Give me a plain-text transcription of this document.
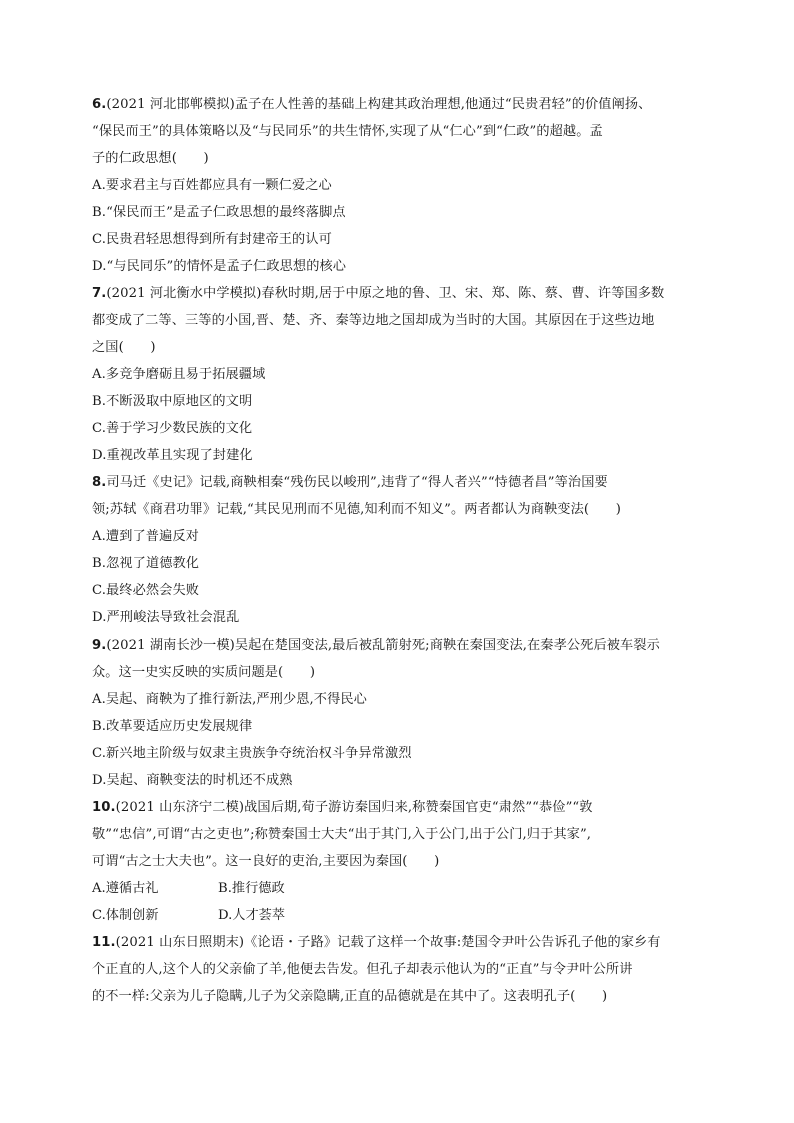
6.(2021 河北邯郸模拟)孟子在人性善的基础上构建其政治理想,他通过“民贵君轻”的价值阐扬、
“保民而王”的具体策略以及“与民同乐”的共生情怀,实现了从“仁心”到“仁政”的超越。孟
子的仁政思想(　　)
A.要求君主与百姓都应具有一颗仁爱之心
B.“保民而王”是孟子仁政思想的最终落脚点
C.民贵君轻思想得到所有封建帝王的认可
D.“与民同乐”的情怀是孟子仁政思想的核心
7.(2021 河北衡水中学模拟)春秋时期,居于中原之地的鲁、卫、宋、郑、陈、蔡、曹、许等国多数
都变成了二等、三等的小国,晋、楚、齐、秦等边地之国却成为当时的大国。其原因在于这些边地
之国(　　)
A.多竞争磨砺且易于拓展疆域
B.不断汲取中原地区的文明
C.善于学习少数民族的文化
D.重视改革且实现了封建化
8.司马迁《史记》记载,商鞅相秦“残伤民以峻刑”,违背了“得人者兴”“恃德者昌”等治国要
领;苏轼《商君功罪》记载,“其民见刑而不见德,知利而不知义”。两者都认为商鞅变法(　　)
A.遭到了普遍反对
B.忽视了道德教化
C.最终必然会失败
D.严刑峻法导致社会混乱
9.(2021 湖南长沙一模)吴起在楚国变法,最后被乱箭射死;商鞅在秦国变法,在秦孝公死后被车裂示
众。这一史实反映的实质问题是(　　)
A.吴起、商鞅为了推行新法,严刑少恩,不得民心
B.改革要适应历史发展规律
C.新兴地主阶级与奴隶主贵族争夺统治权斗争异常激烈
D.吴起、商鞅变法的时机还不成熟
10.(2021 山东济宁二模)战国后期,荀子游访秦国归来,称赞秦国官吏“肃然”“恭俭”“敦
敬”“忠信”,可谓“古之吏也”;称赞秦国士大夫“出于其门,入于公门,出于公门,归于其家”,
可谓“古之士大夫也”。这一良好的吏治,主要因为秦国(　　)
A.遵循古礼	B.推行德政
C.体制创新	D.人才荟萃
11.(2021 山东日照期末)《论语・子路》记载了这样一个故事:楚国令尹叶公告诉孔子他的家乡有
个正直的人,这个人的父亲偷了羊,他便去告发。但孔子却表示他认为的“正直”与令尹叶公所讲
的不一样:父亲为儿子隐瞒,儿子为父亲隐瞒,正直的品德就是在其中了。这表明孔子(　　)
